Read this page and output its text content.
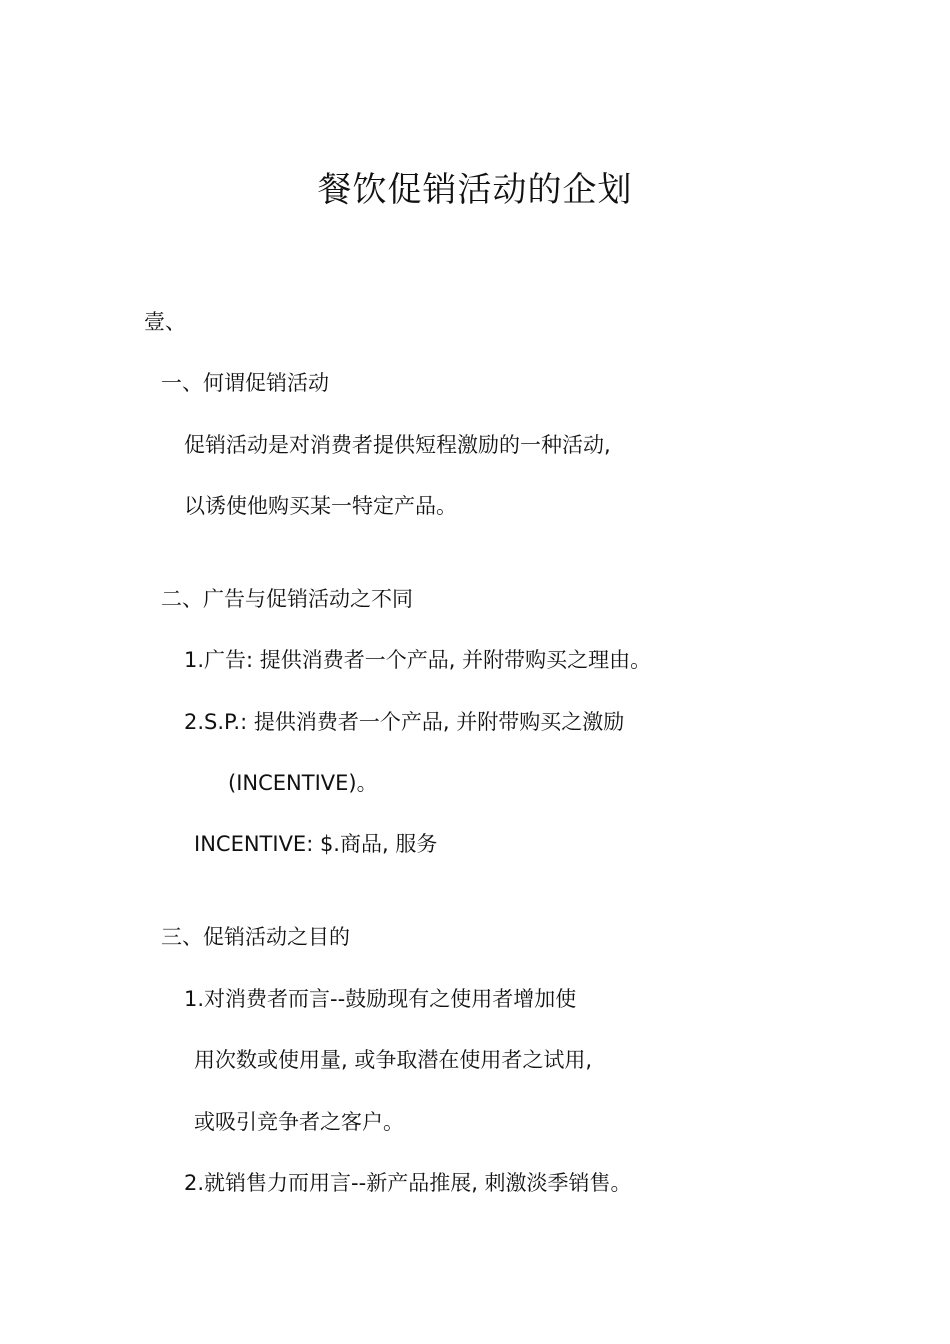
餐饮促销活动的企划
壹、
一、何谓促销活动
促销活动是对消费者提供短程激励的一种活动,
以诱使他购买某一特定产品。
二、广告与促销活动之不同
1.广告: 提供消费者一个产品, 并附带购买之理由。
2.S.P.: 提供消费者一个产品, 并附带购买之激励
(INCENTIVE)。
INCENTIVE: $.商品, 服务
三、促销活动之目的
1.对消费者而言--鼓励现有之使用者增加使
用次数或使用量, 或争取潜在使用者之试用,
或吸引竞争者之客户。
2.就销售力而用言--新产品推展, 刺激淡季销售。
